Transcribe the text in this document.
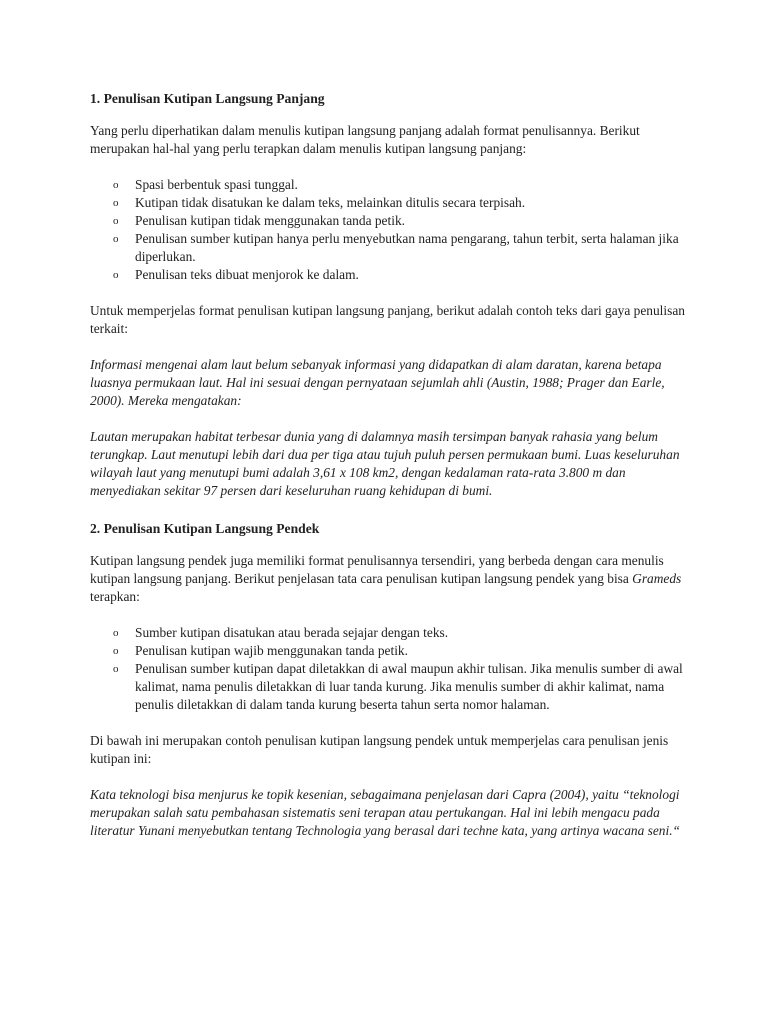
1. Penulisan Kutipan Langsung Panjang

Yang perlu diperhatikan dalam menulis kutipan langsung panjang adalah format penulisannya. Berikut merupakan hal-hal yang perlu terapkan dalam menulis kutipan langsung panjang:

o Spasi berbentuk spasi tunggal.
o Kutipan tidak disatukan ke dalam teks, melainkan ditulis secara terpisah.
o Penulisan kutipan tidak menggunakan tanda petik.
o Penulisan sumber kutipan hanya perlu menyebutkan nama pengarang, tahun terbit, serta halaman jika diperlukan.
o Penulisan teks dibuat menjorok ke dalam.

Untuk memperjelas format penulisan kutipan langsung panjang, berikut adalah contoh teks dari gaya penulisan terkait:

Informasi mengenai alam laut belum sebanyak informasi yang didapatkan di alam daratan, karena betapa luasnya permukaan laut. Hal ini sesuai dengan pernyataan sejumlah ahli (Austin, 1988; Prager dan Earle, 2000). Mereka mengatakan:

Lautan merupakan habitat terbesar dunia yang di dalamnya masih tersimpan banyak rahasia yang belum terungkap. Laut menutupi lebih dari dua per tiga atau tujuh puluh persen permukaan bumi. Luas keseluruhan wilayah laut yang menutupi bumi adalah 3,61 x 108 km2, dengan kedalaman rata-rata 3.800 m dan menyediakan sekitar 97 persen dari keseluruhan ruang kehidupan di bumi.

2. Penulisan Kutipan Langsung Pendek

Kutipan langsung pendek juga memiliki format penulisannya tersendiri, yang berbeda dengan cara menulis kutipan langsung panjang. Berikut penjelasan tata cara penulisan kutipan langsung pendek yang bisa Grameds terapkan:

o Sumber kutipan disatukan atau berada sejajar dengan teks.
o Penulisan kutipan wajib menggunakan tanda petik.
o Penulisan sumber kutipan dapat diletakkan di awal maupun akhir tulisan. Jika menulis sumber di awal kalimat, nama penulis diletakkan di luar tanda kurung. Jika menulis sumber di akhir kalimat, nama penulis diletakkan di dalam tanda kurung beserta tahun serta nomor halaman.

Di bawah ini merupakan contoh penulisan kutipan langsung pendek untuk memperjelas cara penulisan jenis kutipan ini:

Kata teknologi bisa menjurus ke topik kesenian, sebagaimana penjelasan dari Capra (2004), yaitu “teknologi merupakan salah satu pembahasan sistematis seni terapan atau pertukangan. Hal ini lebih mengacu pada literatur Yunani menyebutkan tentang Technologia yang berasal dari techne kata, yang artinya wacana seni.“
